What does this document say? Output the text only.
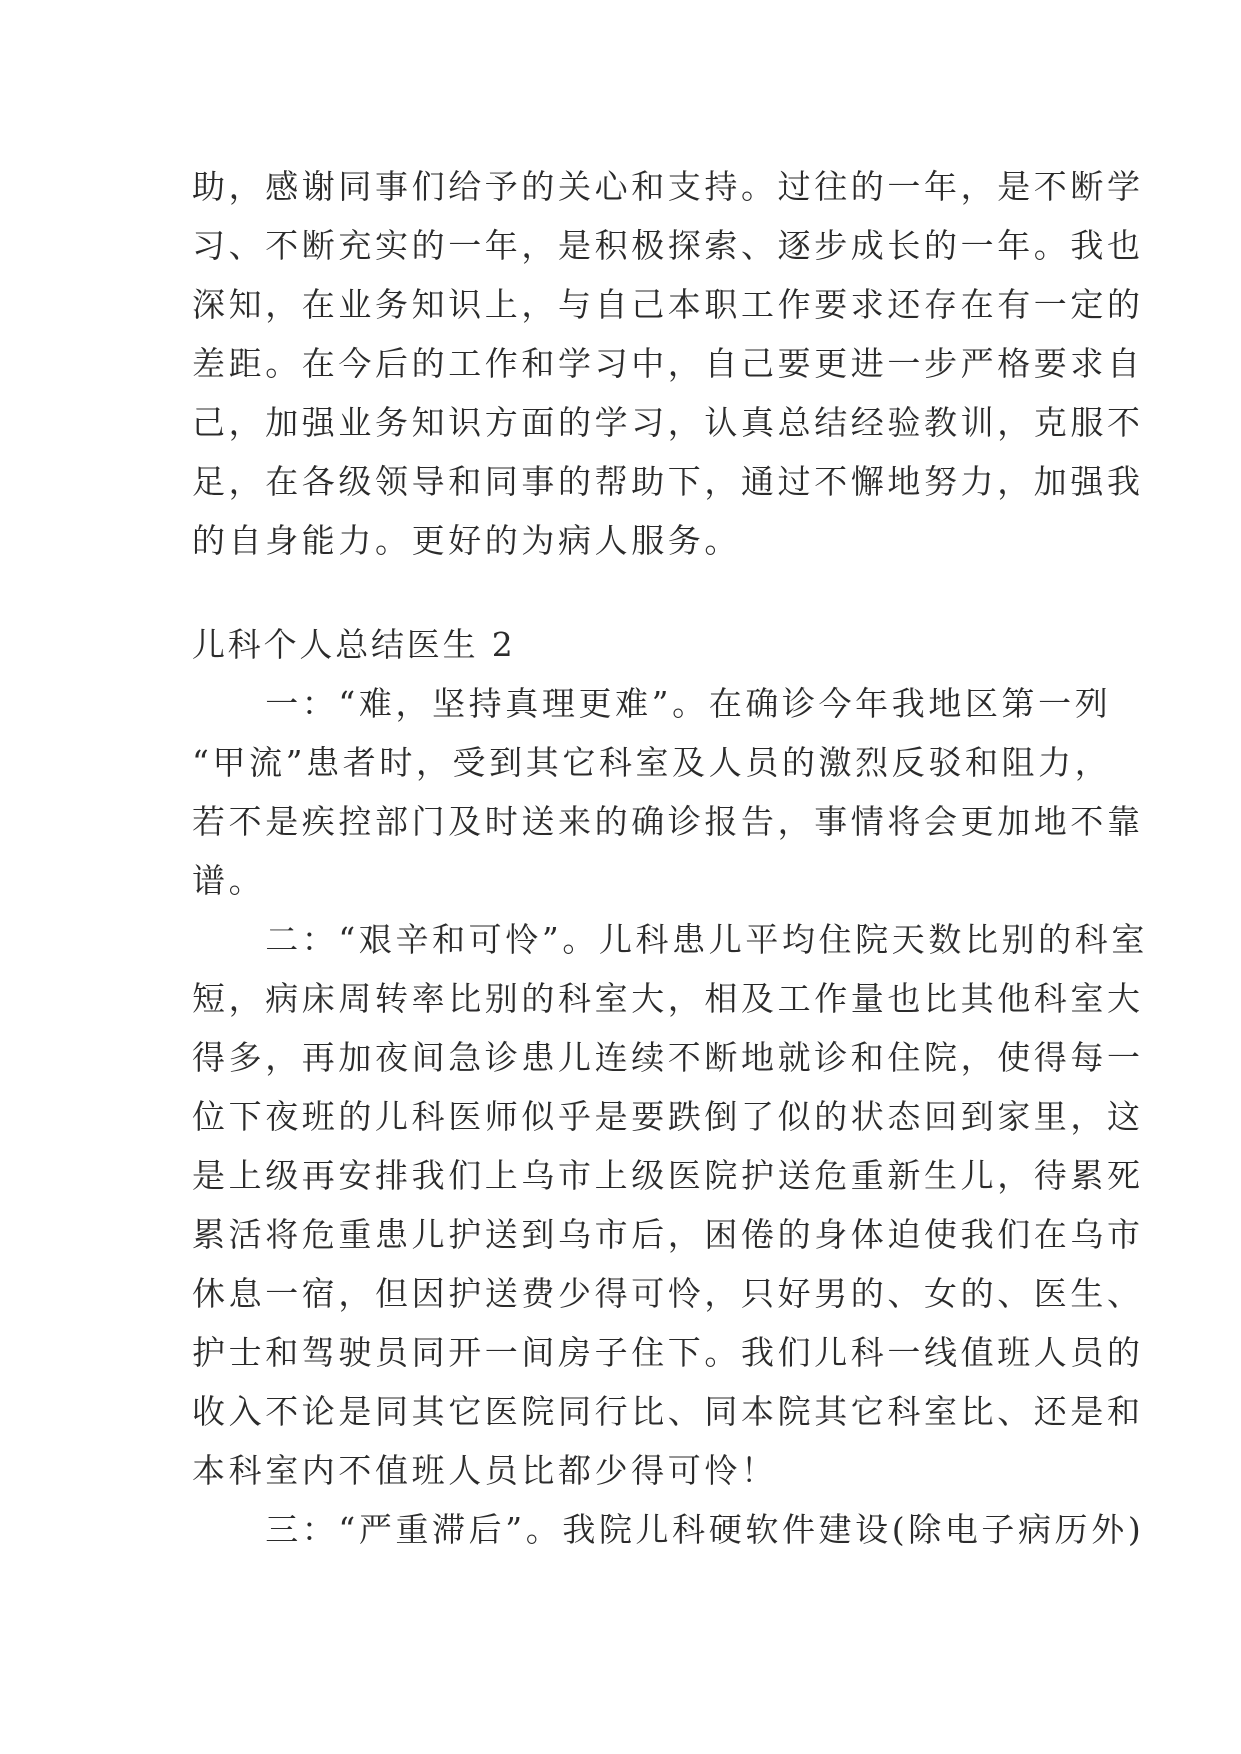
助，感谢同事们给予的关心和支持。过往的一年，是不断学
习、不断充实的一年，是积极探索、逐步成长的一年。我也
深知，在业务知识上，与自己本职工作要求还存在有一定的
差距。在今后的工作和学习中，自己要更进一步严格要求自
己，加强业务知识方面的学习，认真总结经验教训，克服不
足，在各级领导和同事的帮助下，通过不懈地努力，加强我
的自身能力。更好的为病人服务。
儿科个人总结医生 2
　　一：“难，坚持真理更难”。在确诊今年我地区第一列
“甲流”患者时，受到其它科室及人员的激烈反驳和阻力，
若不是疾控部门及时送来的确诊报告，事情将会更加地不靠
谱。
　　二：“艰辛和可怜”。儿科患儿平均住院天数比别的科室
短，病床周转率比别的科室大，相及工作量也比其他科室大
得多，再加夜间急诊患儿连续不断地就诊和住院，使得每一
位下夜班的儿科医师似乎是要跌倒了似的状态回到家里，这
是上级再安排我们上乌市上级医院护送危重新生儿，待累死
累活将危重患儿护送到乌市后，困倦的身体迫使我们在乌市
休息一宿，但因护送费少得可怜，只好男的、女的、医生、
护士和驾驶员同开一间房子住下。我们儿科一线值班人员的
收入不论是同其它医院同行比、同本院其它科室比、还是和
本科室内不值班人员比都少得可怜！
　　三：“严重滞后”。我院儿科硬软件建设(除电子病历外)
